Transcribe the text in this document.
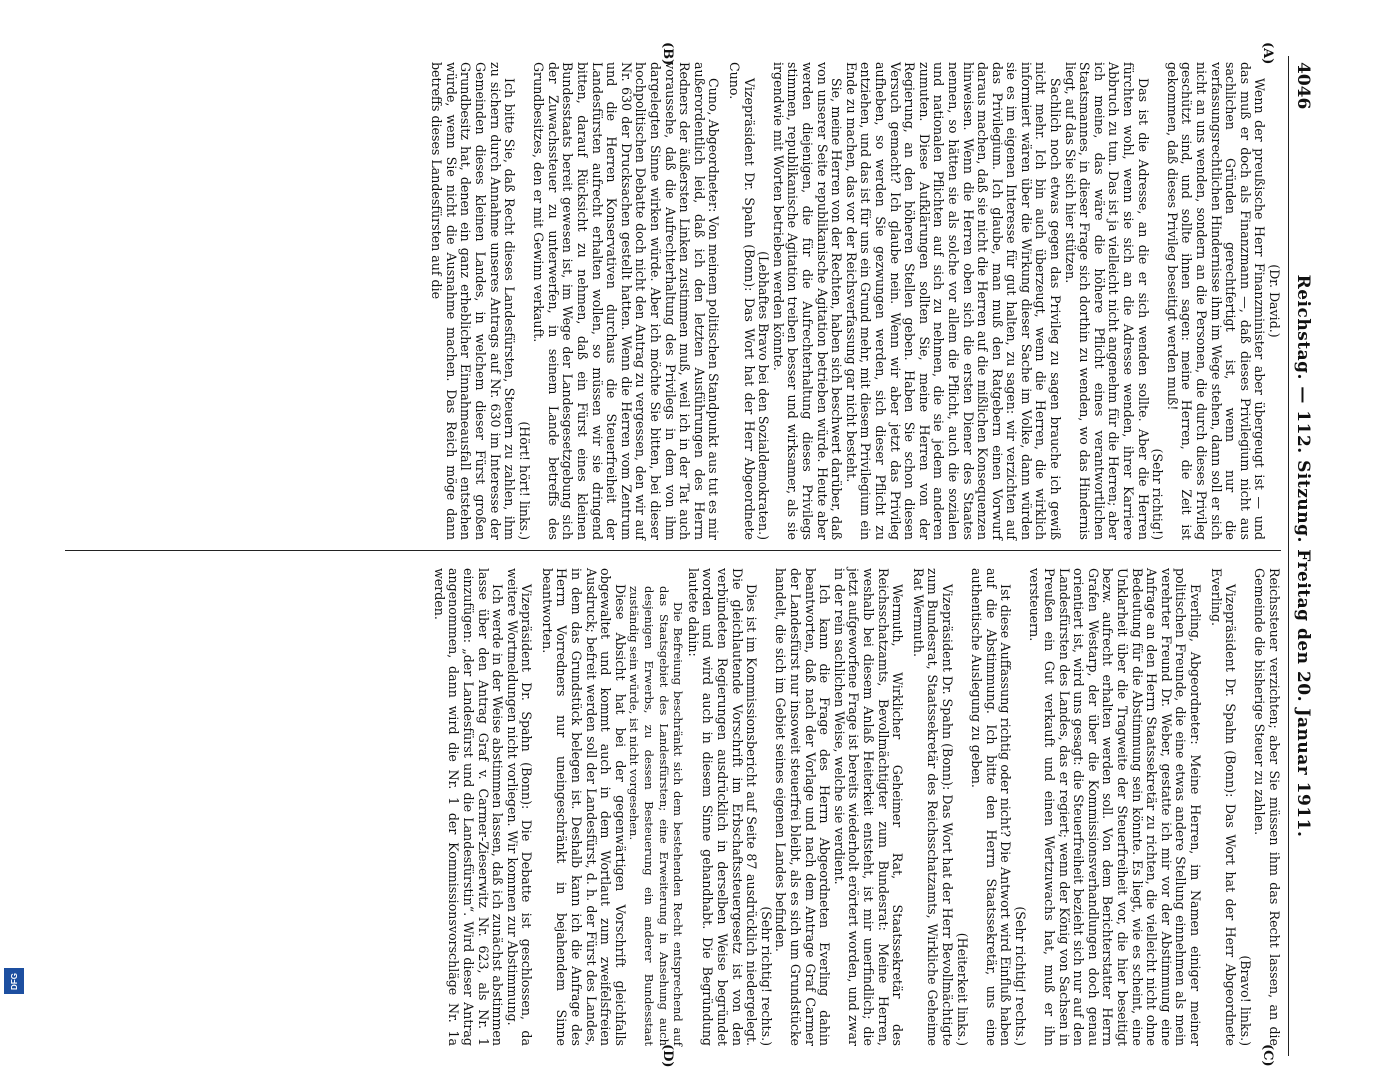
DFG
4046
Reichstag. — 112. Sitzung. Freitag den 20. Januar 1911.
(A)
(B)
(C)
(D)

(Dr. David.)

Wenn der preußische Herr Finanzminister aber übergeugt ist — und das muß er doch als Finanzmann —, daß dieses Privilegium nicht aus sachlichen Gründen gerechtfertigt ist, wenn nur die verfassungsrechtlichen Hindernisse ihm im Wege stehen, dann soll er sich nicht an uns wenden, sondern an die Personen, die durch dieses Privileg geschützt sind, und sollte ihnen sagen: meine Herren, die Zeit ist gekommen, daß dieses Privileg beseitigt werden muß!

(Sehr richtig!)

Das ist die Adresse, an die er sich wenden sollte. Aber die Herren fürchten wohl, wenn sie sich an die Adresse wenden, ihrer Karriere Abbruch zu tun. Das ist ja vielleicht nicht angenehm für die Herren; aber ich meine, das wäre die höhere Pflicht eines verantwortlichen Staatsmannes, in dieser Frage sich dorthin zu wenden, wo das Hindernis liegt, auf das Sie sich hier stützen.

Sachlich noch etwas gegen das Privileg zu sagen brauche ich gewiß nicht mehr. Ich bin auch überzeugt, wenn die Herren, die wirklich informiert wären über die Wirkung dieser Sache im Volke, dann würden sie es im eigenen Interesse für gut halten, zu sagen: wir verzichten auf das Privilegium. Ich glaube, man muß den Ratgebern einen Vorwurf daraus machen, daß sie nicht die Herren auf die mißlichen Konsequenzen hinweisen. Wenn die Herren oben sich die ersten Diener des Staates nennen, so hätten sie als solche vor allem die Pflicht, auch die sozialen und nationalen Pflichten auf sich zu nehmen, die sie jedem anderen zumuten. Diese Aufklärungen sollten Sie, meine Herren von der Regierung, an den höheren Stellen geben. Haben Sie schon diesen Versuch gemacht? Ich glaube nein. Wenn wir aber jetzt das Privileg aufheben, so werden Sie gezwungen werden, sich dieser Pflicht zu entziehen, und das ist für uns ein Grund mehr, mit diesem Privilegium ein Ende zu machen, das vor der Reichsverfassung gar nicht besteht.

Sie, meine Herren von der Rechten, haben sich beschwert darüber, daß von unserer Seite republikanische Agitation betrieben würde. Heute aber werden diejenigen, die für die Aufrechterhaltung dieses Privilegs stimmen, republikanische Agitation treiben besser und wirksamer, als sie irgendwie mit Worten betrieben werden könnte.

(Lebhaftes Bravo bei den Sozialdemokraten.)

Vizepräsident Dr. Spahn (Bonn): Das Wort hat der Herr Abgeordnete Cuno.

Cuno, Abgeordneter: Von meinem politischen Standpunkt aus tut es mir außerordentlich leid, daß ich den letzten Ausführungen des Herrn Redners der äußersten Linken zustimmen muß, weil ich in der Tat auch voraussehe, daß die Aufrechterhaltung des Privilegs in dem von ihm dargelegten Sinne wirken würde. Aber ich möchte Sie bitten, bei dieser hochpolitischen Debatte doch nicht den Antrag zu vergessen, den wir auf Nr. 630 der Drucksachen gestellt hatten. Wenn die Herren vom Zentrum und die Herren Konservativen durchaus die Steuerfreiheit der Landesfürsten aufrecht erhalten wollen, so müssen wir sie dringend bitten, darauf Rücksicht zu nehmen, daß ein Fürst eines kleinen Bundesstaats bereit gewesen ist, im Wege der Landesgesetzgebung sich der Zuwachssteuer zu unterwerfen, in seinem Lande betreffs des Grundbesitzes, den er mit Gewinn verkauft.

(Hört! hört! links.)

Ich bitte Sie, daß Recht dieses Landesfürsten, Steuern zu zahlen, ihm zu sichern durch Annahme unseres Antrags auf Nr. 630 im Interesse der Gemeinden dieses kleinen Landes, in welchem dieser Fürst großen Grundbesitz hat, denen ein ganz erheblicher Einnahmeausfall entstehen würde, wenn Sie nicht die Ausnahme machen. Das Reich möge dann betreffs dieses Landesfürsten auf die

Reichssteuer verzichten; aber Sie müssen ihm das Recht lassen, an die Gemeinde die bisherige Steuer zu zahlen.

(Bravo! links.)

Vizepräsident Dr. Spahn (Bonn): Das Wort hat der Herr Abgeordnete Everling.

Everling, Abgeordneter: Meine Herren, im Namen einiger meiner politischen Freunde, die eine etwas andere Stellung einnehmen als mein verehrter Freund Dr. Weber, gestatte ich mir vor der Abstimmung eine Anfrage an den Herrn Staatssekretär zu richten, die vielleicht nicht ohne Bedeutung für die Abstimmung sein könnte. Es liegt, wie es scheint, eine Unklarheit über die Tragweite der Steuerfreiheit vor, die hier beseitigt bezw. aufrecht erhalten werden soll. Von dem Berichterstatter Herrn Grafen Westarp, der über die Kommissionsverhandlungen doch genau orientiert ist, wird uns gesagt: die Steuerfreiheit bezieht sich nur auf den Landesfürsten des Landes, das er regiert; wenn der König von Sachsen in Preußen ein Gut verkauft und einen Wertzuwachs hat, muß er ihn versteuern.

(Sehr richtig! rechts.)

Ist diese Auffassung richtig oder nicht? Die Antwort wird Einfluß haben auf die Abstimmung. Ich bitte den Herrn Staatssekretär, uns eine authentische Auslegung zu geben.

(Heiterkeit links.)

Vizepräsident Dr. Spahn (Bonn): Das Wort hat der Herr Bevollmächtigte zum Bundesrat, Staatssekretär des Reichsschatzamts, Wirkliche Geheime Rat Wermuth.

Wermuth, Wirklicher Geheimer Rat, Staatssekretär des Reichsschatzamts, Bevollmächtigter zum Bundesrat: Meine Herren, weshalb bei diesem Anlaß Heiterkeit entsteht, ist mir unerfindlich; die jetzt aufgeworfene Frage ist bereits wiederholt erörtert worden, und zwar in der rein sachlichen Weise, welche sie verdient.

Ich kann die Frage des Herrn Abgeordneten Everling dahin beantworten, daß nach der Vorlage und nach dem Antrage Graf Carmer der Landesfürst nur insoweit steuerfrei bleibt, als es sich um Grundstücke handelt, die sich im Gebiet seines eigenen Landes befinden.

(Sehr richtig! rechts.)

Dies ist im Kommissionsbericht auf Seite 87 ausdrücklich niedergelegt. Die gleichlautende Vorschrift im Erbschaftssteuergesetz ist von den verbündeten Regierungen ausdrücklich in derselben Weise begründet worden und wird auch in diesem Sinne gehandhabt. Die Begründung lautete dahin:

Die Befreiung beschränkt sich dem bestehenden Recht entsprechend auf das Staatsgebiet des Landesfürsten; eine Erweiterung in Ansehung auch desjenigen Erwerbs, zu dessen Besteuerung ein anderer Bundesstaat zuständig sein würde, ist nicht vorgesehen.

Diese Absicht hat bei der gegenwärtigen Vorschrift gleichfalls obgewaltet und kommt auch in dem Wortlaut zum zweifelsfreien Ausdruck; befreit werden soll der Landesfürst, d. h. der Fürst des Landes, in dem das Grundstück belegen ist. Deshalb kann ich die Anfrage des Herrn Vorredners nur uneingeschränkt in bejahendem Sinne beantworten.

Vizepräsident Dr. Spahn (Bonn): Die Debatte ist geschlossen, da weitere Wortmeldungen nicht vorliegen. Wir kommen zur Abstimmung.

Ich werde in der Weise abstimmen lassen, daß ich zunächst abstimmen lasse über den Antrag Graf v. Carmer-Zieserwitz Nr. 623, als Nr. 1 einzufügen: „der Landesfürst und die Landesfürstin“. Wird dieser Antrag angenommen, dann wird die Nr. 1 der Kommissionsvorschläge Nr. 1a werden.
